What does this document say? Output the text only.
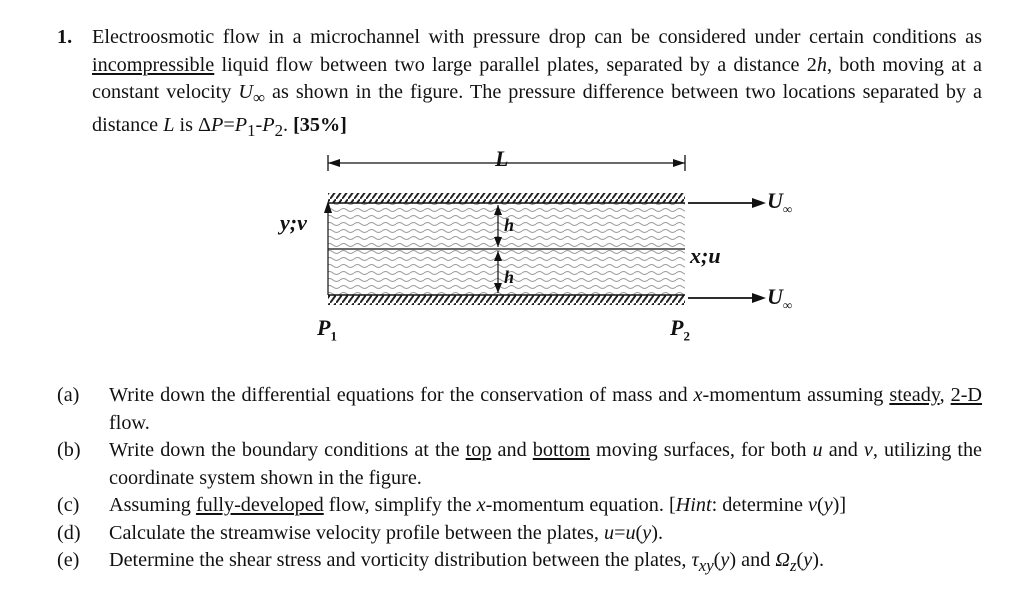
1. Electroosmotic flow in a microchannel with pressure drop can be considered under certain conditions as incompressible liquid flow between two large parallel plates, separated by a distance 2h, both moving at a constant velocity $U_\infty$ as shown in the figure. The pressure difference between two locations separated by a distance L is $\Delta P=P_1-P_2$. [35%]
L
y;v	h
h
x;u
$U_\infty$
$U_\infty$
$P_1$	$P_2$
(a) Write down the differential equations for the conservation of mass and x-momentum assuming steady, 2-D flow.
(b) Write down the boundary conditions at the top and bottom moving surfaces, for both u and v, utilizing the coordinate system shown in the figure.
(c) Assuming fully-developed flow, simplify the x-momentum equation. [Hint: determine v(y)]
(d) Calculate the streamwise velocity profile between the plates, u=u(y).
(e) Determine the shear stress and vorticity distribution between the plates, $\tau_{xy}(y)$ and $\Omega_z(y)$.
